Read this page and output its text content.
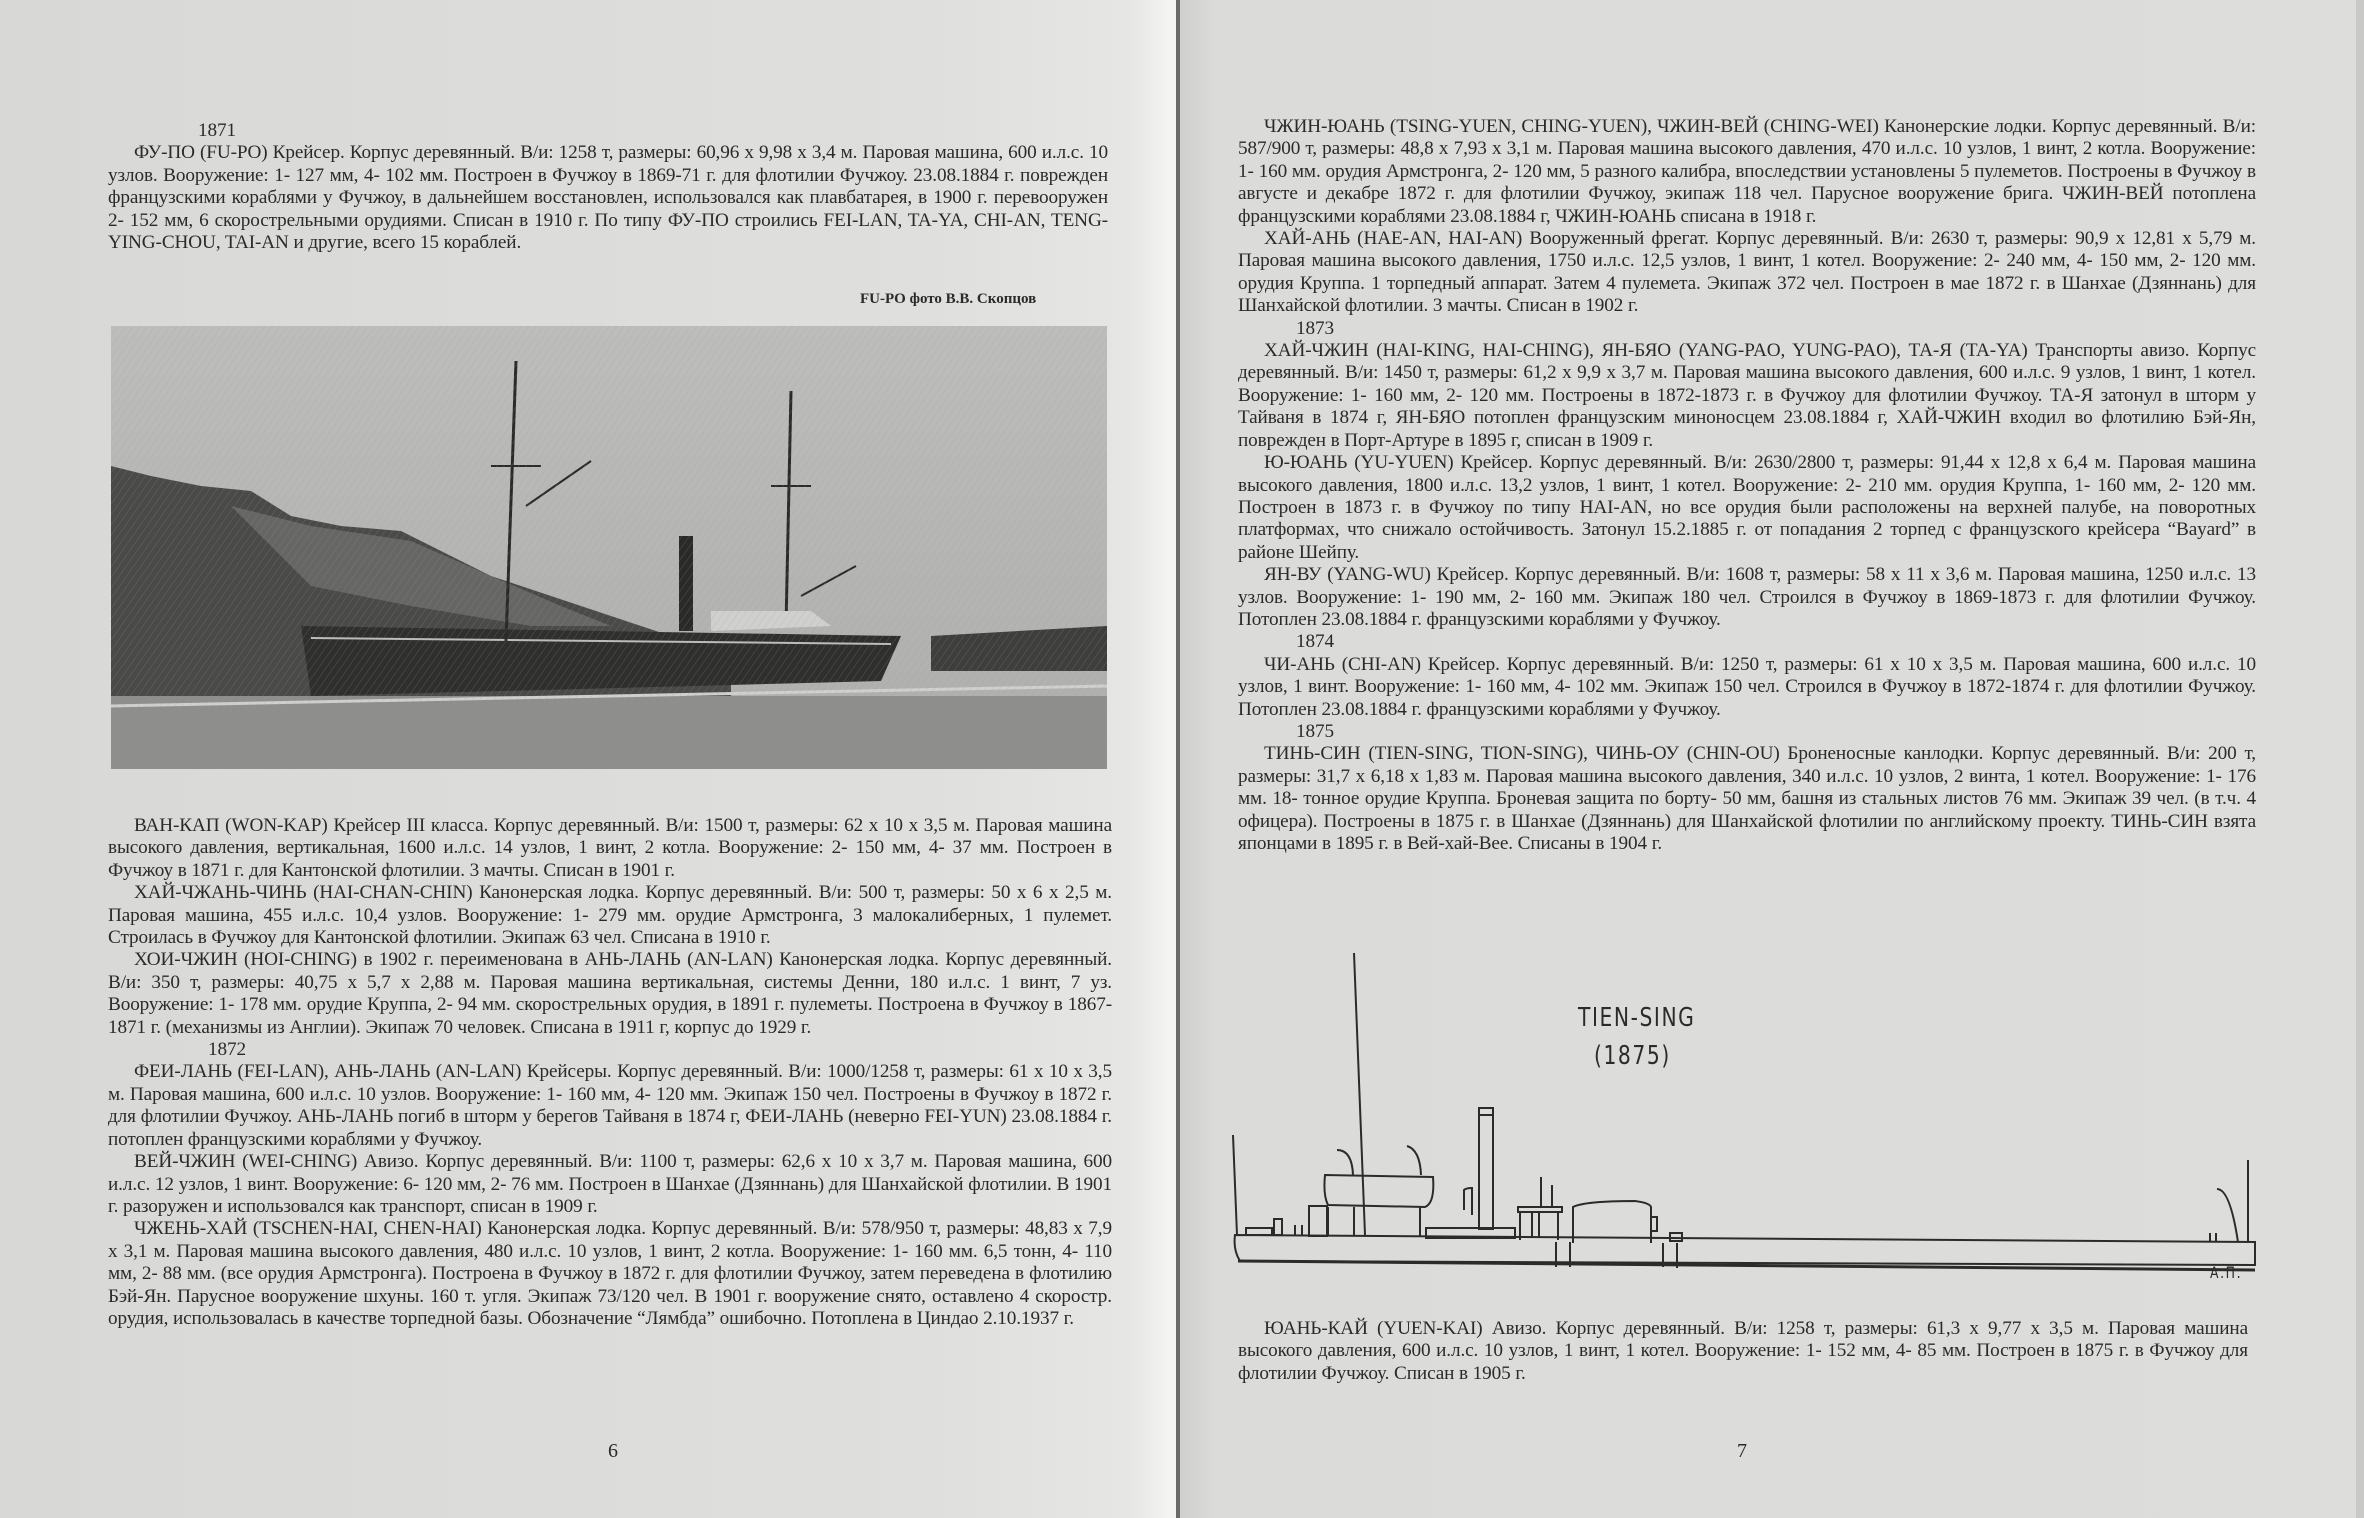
1871

ФУ-ПО (FU-PO) Крейсер. Корпус деревянный. В/и: 1258 т, размеры: 60,96 х 9,98 х 3,4 м. Паровая машина, 600 и.л.с. 10 узлов. Вооружение: 1- 127 мм, 4- 102 мм. Построен в Фучжоу в 1869-71 г. для флотилии Фучжоу. 23.08.1884 г. поврежден французскими кораблями у Фучжоу, в дальнейшем восстановлен, использовался как плавбатарея, в 1900 г. перевооружен 2- 152 мм, 6 скорострельными орудиями. Списан в 1910 г. По типу ФУ-ПО строились FEI-LAN, TA-YA, CHI-AN, TENG-YING-CHOU, TAI-AN и другие, всего 15 кораблей.

FU-PO фото В.В. Скопцов

ВАН-КАП (WON-KAP) Крейсер III класса. Корпус деревянный. В/и: 1500 т, размеры: 62 х 10 х 3,5 м. Паровая машина высокого давления, вертикальная, 1600 и.л.с. 14 узлов, 1 винт, 2 котла. Вооружение: 2- 150 мм, 4- 37 мм. Построен в Фучжоу в 1871 г. для Кантонской флотилии. 3 мачты. Списан в 1901 г.

ХАЙ-ЧЖАНЬ-ЧИНЬ (HAI-CHAN-CHIN) Канонерская лодка. Корпус деревянный. В/и: 500 т, размеры: 50 х 6 х 2,5 м. Паровая машина, 455 и.л.с. 10,4 узлов. Вооружение: 1- 279 мм. орудие Армстронга, 3 малокалиберных, 1 пулемет. Строилась в Фучжоу для Кантонской флотилии. Экипаж 63 чел. Списана в 1910 г.

ХОИ-ЧЖИН (HOI-CHING) в 1902 г. переименована в АНЬ-ЛАНЬ (AN-LAN) Канонерская лодка. Корпус деревянный. В/и: 350 т, размеры: 40,75 х 5,7 х 2,88 м. Паровая машина вертикальная, системы Денни, 180 и.л.с. 1 винт, 7 уз. Вооружение: 1- 178 мм. орудие Круппа, 2- 94 мм. скорострельных орудия, в 1891 г. пулеметы. Построена в Фучжоу в 1867-1871 г. (механизмы из Англии). Экипаж 70 человек. Списана в 1911 г, корпус до 1929 г.

1872

ФЕИ-ЛАНЬ (FEI-LAN), АНЬ-ЛАНЬ (AN-LAN) Крейсеры. Корпус деревянный. В/и: 1000/1258 т, размеры: 61 х 10 х 3,5 м. Паровая машина, 600 и.л.с. 10 узлов. Вооружение: 1- 160 мм, 4- 120 мм. Экипаж 150 чел. Построены в Фучжоу в 1872 г. для флотилии Фучжоу. АНЬ-ЛАНЬ погиб в шторм у берегов Тайваня в 1874 г, ФЕИ-ЛАНЬ (неверно FEI-YUN) 23.08.1884 г. потоплен французскими кораблями у Фучжоу.

ВЕЙ-ЧЖИН (WEI-CHING) Авизо. Корпус деревянный. В/и: 1100 т, размеры: 62,6 х 10 х 3,7 м. Паровая машина, 600 и.л.с. 12 узлов, 1 винт. Вооружение: 6- 120 мм, 2- 76 мм. Построен в Шанхае (Дзяннань) для Шанхайской флотилии. В 1901 г. разоружен и использовался как транспорт, списан в 1909 г.

ЧЖЕНЬ-ХАЙ (TSCHEN-HAI, CHEN-HAI) Канонерская лодка. Корпус деревянный. В/и: 578/950 т, размеры: 48,83 х 7,9 х 3,1 м. Паровая машина высокого давления, 480 и.л.с. 10 узлов, 1 винт, 2 котла. Вооружение: 1- 160 мм. 6,5 тонн, 4- 110 мм, 2- 88 мм. (все орудия Армстронга). Построена в Фучжоу в 1872 г. для флотилии Фучжоу, затем переведена в флотилию Бэй-Ян. Парусное вооружение шхуны. 160 т. угля. Экипаж 73/120 чел. В 1901 г. вооружение снято, оставлено 4 скоростр. орудия, использовалась в качестве торпедной базы. Обозначение “Лямбда” ошибочно. Потоплена в Циндао 2.10.1937 г.

6

ЧЖИН-ЮАНЬ (TSING-YUEN, CHING-YUEN), ЧЖИН-ВЕЙ (CHING-WEI) Канонерские лодки. Корпус деревянный. В/и: 587/900 т, размеры: 48,8 х 7,93 х 3,1 м. Паровая машина высокого давления, 470 и.л.с. 10 узлов, 1 винт, 2 котла. Вооружение: 1- 160 мм. орудия Армстронга, 2- 120 мм, 5 разного калибра, впоследствии установлены 5 пулеметов. Построены в Фучжоу в августе и декабре 1872 г. для флотилии Фучжоу, экипаж 118 чел. Парусное вооружение брига. ЧЖИН-ВЕЙ потоплена французскими кораблями 23.08.1884 г, ЧЖИН-ЮАНЬ списана в 1918 г.

ХАЙ-АНЬ (HAE-AN, HAI-AN) Вооруженный фрегат. Корпус деревянный. В/и: 2630 т, размеры: 90,9 х 12,81 х 5,79 м. Паровая машина высокого давления, 1750 и.л.с. 12,5 узлов, 1 винт, 1 котел. Вооружение: 2- 240 мм, 4- 150 мм, 2- 120 мм. орудия Круппа. 1 торпедный аппарат. Затем 4 пулемета. Экипаж 372 чел. Построен в мае 1872 г. в Шанхае (Дзяннань) для Шанхайской флотилии. 3 мачты. Списан в 1902 г.

1873

ХАЙ-ЧЖИН (HAI-KING, HAI-CHING), ЯН-БЯО (YANG-PAO, YUNG-PAO), ТА-Я (TA-YA) Транспорты авизо. Корпус деревянный. В/и: 1450 т, размеры: 61,2 х 9,9 х 3,7 м. Паровая машина высокого давления, 600 и.л.с. 9 узлов, 1 винт, 1 котел. Вооружение: 1- 160 мм, 2- 120 мм. Построены в 1872-1873 г. в Фучжоу для флотилии Фучжоу. ТА-Я затонул в шторм у Тайваня в 1874 г, ЯН-БЯО потоплен французским миноносцем 23.08.1884 г, ХАЙ-ЧЖИН входил во флотилию Бэй-Ян, поврежден в Порт-Артуре в 1895 г, списан в 1909 г.

Ю-ЮАНЬ (YU-YUEN) Крейсер. Корпус деревянный. В/и: 2630/2800 т, размеры: 91,44 х 12,8 х 6,4 м. Паровая машина высокого давления, 1800 и.л.с. 13,2 узлов, 1 винт, 1 котел. Вооружение: 2- 210 мм. орудия Круппа, 1- 160 мм, 2- 120 мм. Построен в 1873 г. в Фучжоу по типу HAI-AN, но все орудия были расположены на верхней палубе, на поворотных платформах, что снижало остойчивость. Затонул 15.2.1885 г. от попадания 2 торпед с французского крейсера “Bayard” в районе Шейпу.

ЯН-ВУ (YANG-WU) Крейсер. Корпус деревянный. В/и: 1608 т, размеры: 58 х 11 х 3,6 м. Паровая машина, 1250 и.л.с. 13 узлов. Вооружение: 1- 190 мм, 2- 160 мм. Экипаж 180 чел. Строился в Фучжоу в 1869-1873 г. для флотилии Фучжоу. Потоплен 23.08.1884 г. французскими кораблями у Фучжоу.

1874

ЧИ-АНЬ (CHI-AN) Крейсер. Корпус деревянный. В/и: 1250 т, размеры: 61 х 10 х 3,5 м. Паровая машина, 600 и.л.с. 10 узлов, 1 винт. Вооружение: 1- 160 мм, 4- 102 мм. Экипаж 150 чел. Строился в Фучжоу в 1872-1874 г. для флотилии Фучжоу. Потоплен 23.08.1884 г. французскими кораблями у Фучжоу.

1875

ТИНЬ-СИН (TIEN-SING, TION-SING), ЧИНЬ-ОУ (CHIN-OU) Броненосные канлодки. Корпус деревянный. В/и: 200 т, размеры: 31,7 х 6,18 х 1,83 м. Паровая машина высокого давления, 340 и.л.с. 10 узлов, 2 винта, 1 котел. Вооружение: 1- 176 мм. 18- тонное орудие Круппа. Броневая защита по борту- 50 мм, башня из стальных листов 76 мм. Экипаж 39 чел. (в т.ч. 4 офицера). Построены в 1875 г. в Шанхае (Дзяннань) для Шанхайской флотилии по английскому проекту. ТИНЬ-СИН взята японцами в 1895 г. в Вей-хай-Вее. Списаны в 1904 г.

TIEN-SING
(1875)
А.П.

ЮАНЬ-КАЙ (YUEN-KAI) Авизо. Корпус деревянный. В/и: 1258 т, размеры: 61,3 х 9,77 х 3,5 м. Паровая машина высокого давления, 600 и.л.с. 10 узлов, 1 винт, 1 котел. Вооружение: 1- 152 мм, 4- 85 мм. Построен в 1875 г. в Фучжоу для флотилии Фучжоу. Списан в 1905 г.

7
